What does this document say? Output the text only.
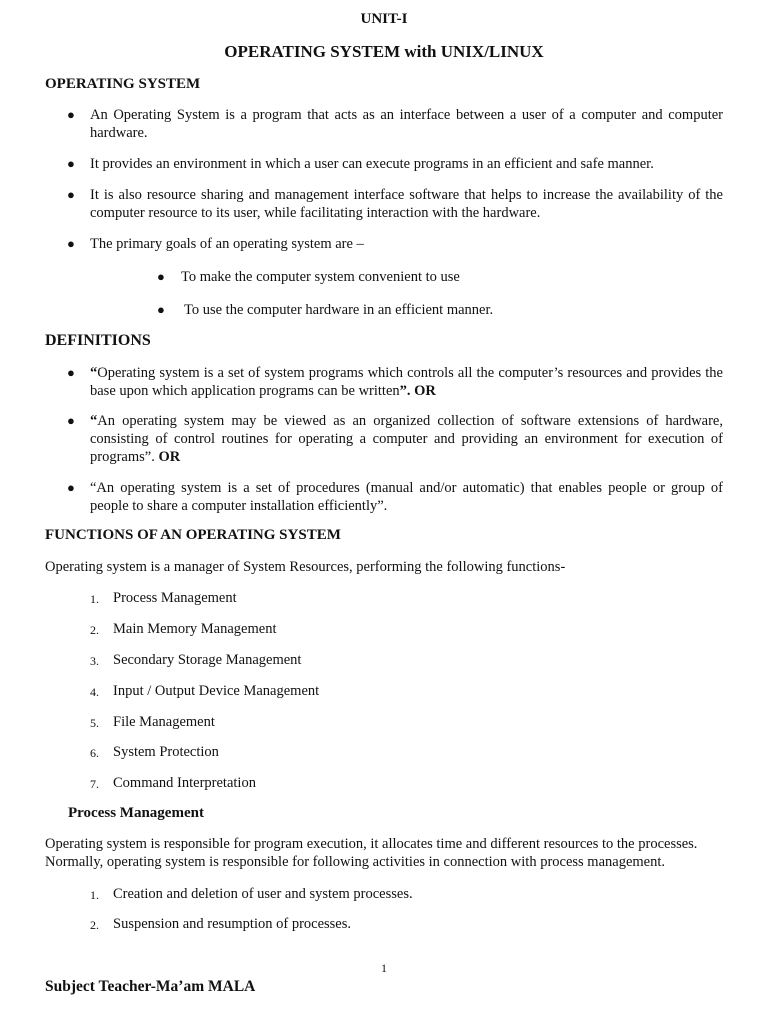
UNIT-I
OPERATING SYSTEM with UNIX/LINUX
OPERATING SYSTEM
● An Operating System is a program that acts as an interface between a user of a computer and computer hardware.
● It provides an environment in which a user can execute programs in an efficient and safe manner.
● It is also resource sharing and management interface software that helps to increase the availability of the computer resource to its user, while facilitating interaction with the hardware.
● The primary goals of an operating system are –
● To make the computer system convenient to use
● To use the computer hardware in an efficient manner.
DEFINITIONS
● “Operating system is a set of system programs which controls all the computer’s resources and provides the base upon which application programs can be written”. OR
● “An operating system may be viewed as an organized collection of software extensions of hardware, consisting of control routines for operating a computer and providing an environment for execution of programs”. OR
● “An operating system is a set of procedures (manual and/or automatic) that enables people or group of people to share a computer installation efficiently”.
FUNCTIONS OF AN OPERATING SYSTEM
Operating system is a manager of System Resources, performing the following functions-
1. Process Management
2. Main Memory Management
3. Secondary Storage Management
4. Input / Output Device Management
5. File Management
6. System Protection
7. Command Interpretation
Process Management
Operating system is responsible for program execution, it allocates time and different resources to the processes. Normally, operating system is responsible for following activities in connection with process management.
1. Creation and deletion of user and system processes.
2. Suspension and resumption of processes.
1
Subject Teacher-Ma’am MALA
